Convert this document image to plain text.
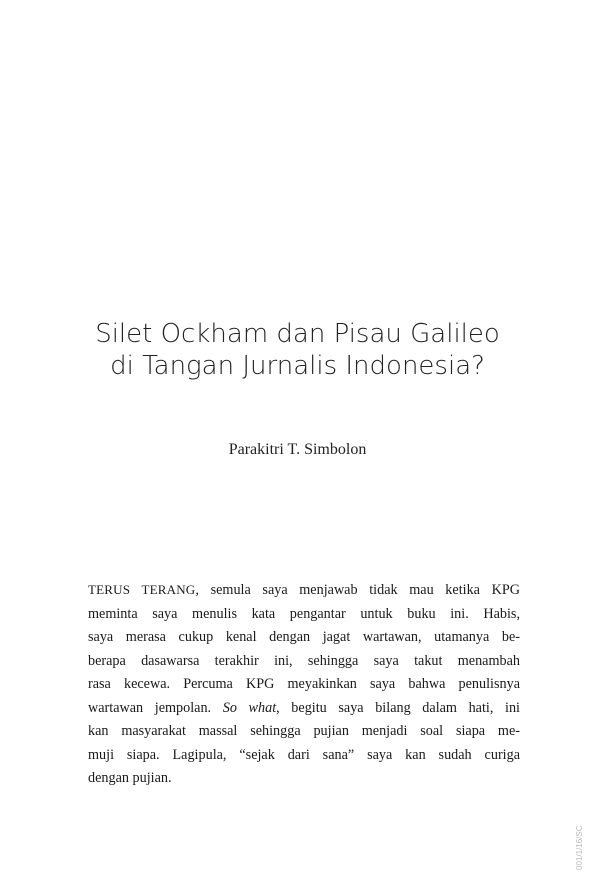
Silet Ockham dan Pisau Galileo
di Tangan Jurnalis Indonesia?
Parakitri T. Simbolon
TERUS TERANG, semula saya menjawab tidak mau ketika KPG
meminta saya menulis kata pengantar untuk buku ini. Habis,
saya merasa cukup kenal dengan jagat wartawan, utamanya be-
berapa dasawarsa terakhir ini, sehingga saya takut menambah
rasa kecewa. Percuma KPG meyakinkan saya bahwa penulisnya
wartawan jempolan. So what, begitu saya bilang dalam hati, ini
kan masyarakat massal sehingga pujian menjadi soal siapa me-
muji siapa. Lagipula, “sejak dari sana” saya kan sudah curiga
dengan pujian.
001/1/16/SC
